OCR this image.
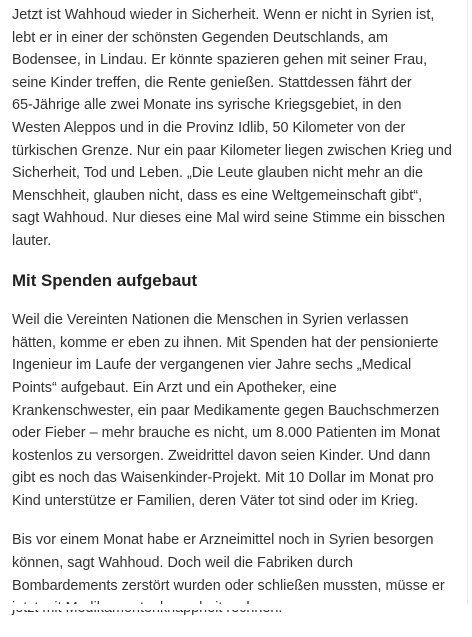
Jetzt ist Wahhoud wieder in Sicherheit. Wenn er nicht in Syrien ist,
lebt er in einer der schönsten Gegenden Deutschlands, am
Bodensee, in Lindau. Er könnte spazieren gehen mit seiner Frau,
seine Kinder treffen, die Rente genießen. Stattdessen fährt der
65-Jährige alle zwei Monate ins syrische Kriegsgebiet, in den
Westen Aleppos und in die Provinz Idlib, 50 Kilometer von der
türkischen Grenze. Nur ein paar Kilometer liegen zwischen Krieg und
Sicherheit, Tod und Leben. „Die Leute glauben nicht mehr an die
Menschheit, glauben nicht, dass es eine Weltgemeinschaft gibt“,
sagt Wahhoud. Nur dieses eine Mal wird seine Stimme ein bisschen
lauter.

Mit Spenden aufgebaut

Weil die Vereinten Nationen die Menschen in Syrien verlassen
hätten, komme er eben zu ihnen. Mit Spenden hat der pensionierte
Ingenieur im Laufe der vergangenen vier Jahre sechs „Medical
Points“ aufgebaut. Ein Arzt und ein Apotheker, eine
Krankenschwester, ein paar Medikamente gegen Bauchschmerzen
oder Fieber – mehr brauche es nicht, um 8.000 Patienten im Monat
kostenlos zu versorgen. Zweidrittel davon seien Kinder. Und dann
gibt es noch das Waisenkinder-Projekt. Mit 10 Dollar im Monat pro
Kind unterstütze er Familien, deren Väter tot sind oder im Krieg.

Bis vor einem Monat habe er Arzneimittel noch in Syrien besorgen
können, sagt Wahhoud. Doch weil die Fabriken durch
Bombardements zerstört wurden oder schließen mussten, müsse er
